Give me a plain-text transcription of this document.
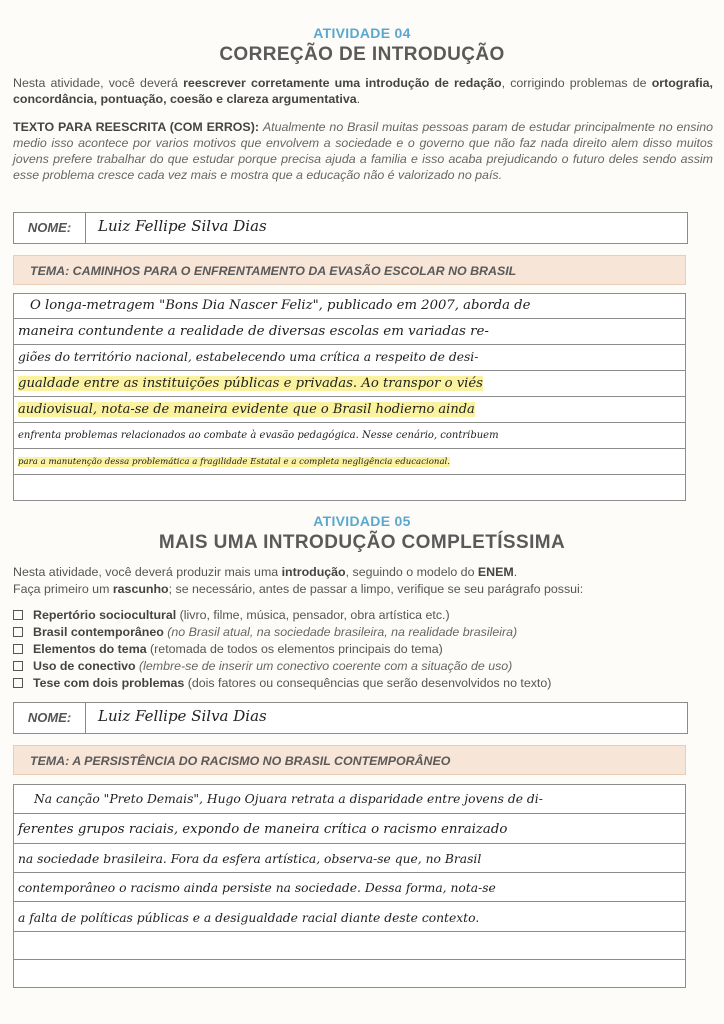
ATIVIDADE 04
CORREÇÃO DE INTRODUÇÃO
Nesta atividade, você deverá reescrever corretamente uma introdução de redação, corrigindo problemas de ortografia, concordância, pontuação, coesão e clareza argumentativa.
TEXTO PARA REESCRITA (COM ERROS): Atualmente no Brasil muitas pessoas param de estudar principalmente no ensino medio isso acontece por varios motivos que envolvem a sociedade e o governo que não faz nada direito alem disso muitos jovens prefere trabalhar do que estudar porque precisa ajuda a familia e isso acaba prejudicando o futuro deles sendo assim esse problema cresce cada vez mais e mostra que a educação não é valorizado no país.
NOME:	Luiz Fellipe Silva Dias
TEMA: CAMINHOS PARA O ENFRENTAMENTO DA EVASÃO ESCOLAR NO BRASIL
O longa-metragem "Bons Dia Nascer Feliz", publicado em 2007, aborda de
maneira contundente a realidade de diversas escolas em variadas re-
giões do território nacional, estabelecendo uma crítica a respeito de desi-
gualdade entre as instituições públicas e privadas. Ao transpor o viés
audiovisual, nota-se de maneira evidente que o Brasil hodierno ainda
enfrenta problemas relacionados ao combate à evasão pedagógica. Nesse cenário, contribuem
para a manutenção dessa problemática a fragilidade Estatal e a completa negligência educacional.
ATIVIDADE 05
MAIS UMA INTRODUÇÃO COMPLETÍSSIMA
Nesta atividade, você deverá produzir mais uma introdução, seguindo o modelo do ENEM.
Faça primeiro um rascunho; se necessário, antes de passar a limpo, verifique se seu parágrafo possui:
Repertório sociocultural (livro, filme, música, pensador, obra artística etc.)
Brasil contemporâneo (no Brasil atual, na sociedade brasileira, na realidade brasileira)
Elementos do tema (retomada de todos os elementos principais do tema)
Uso de conectivo (lembre-se de inserir um conectivo coerente com a situação de uso)
Tese com dois problemas (dois fatores ou consequências que serão desenvolvidos no texto)
NOME:	Luiz Fellipe Silva Dias
TEMA: A PERSISTÊNCIA DO RACISMO NO BRASIL CONTEMPORÂNEO
Na canção "Preto Demais", Hugo Ojuara retrata a disparidade entre jovens de di-
ferentes grupos raciais, expondo de maneira crítica o racismo enraizado
na sociedade brasileira. Fora da esfera artística, observa-se que, no Brasil
contemporâneo o racismo ainda persiste na sociedade. Dessa forma, nota-se
a falta de políticas públicas e a desigualdade racial diante deste contexto.
